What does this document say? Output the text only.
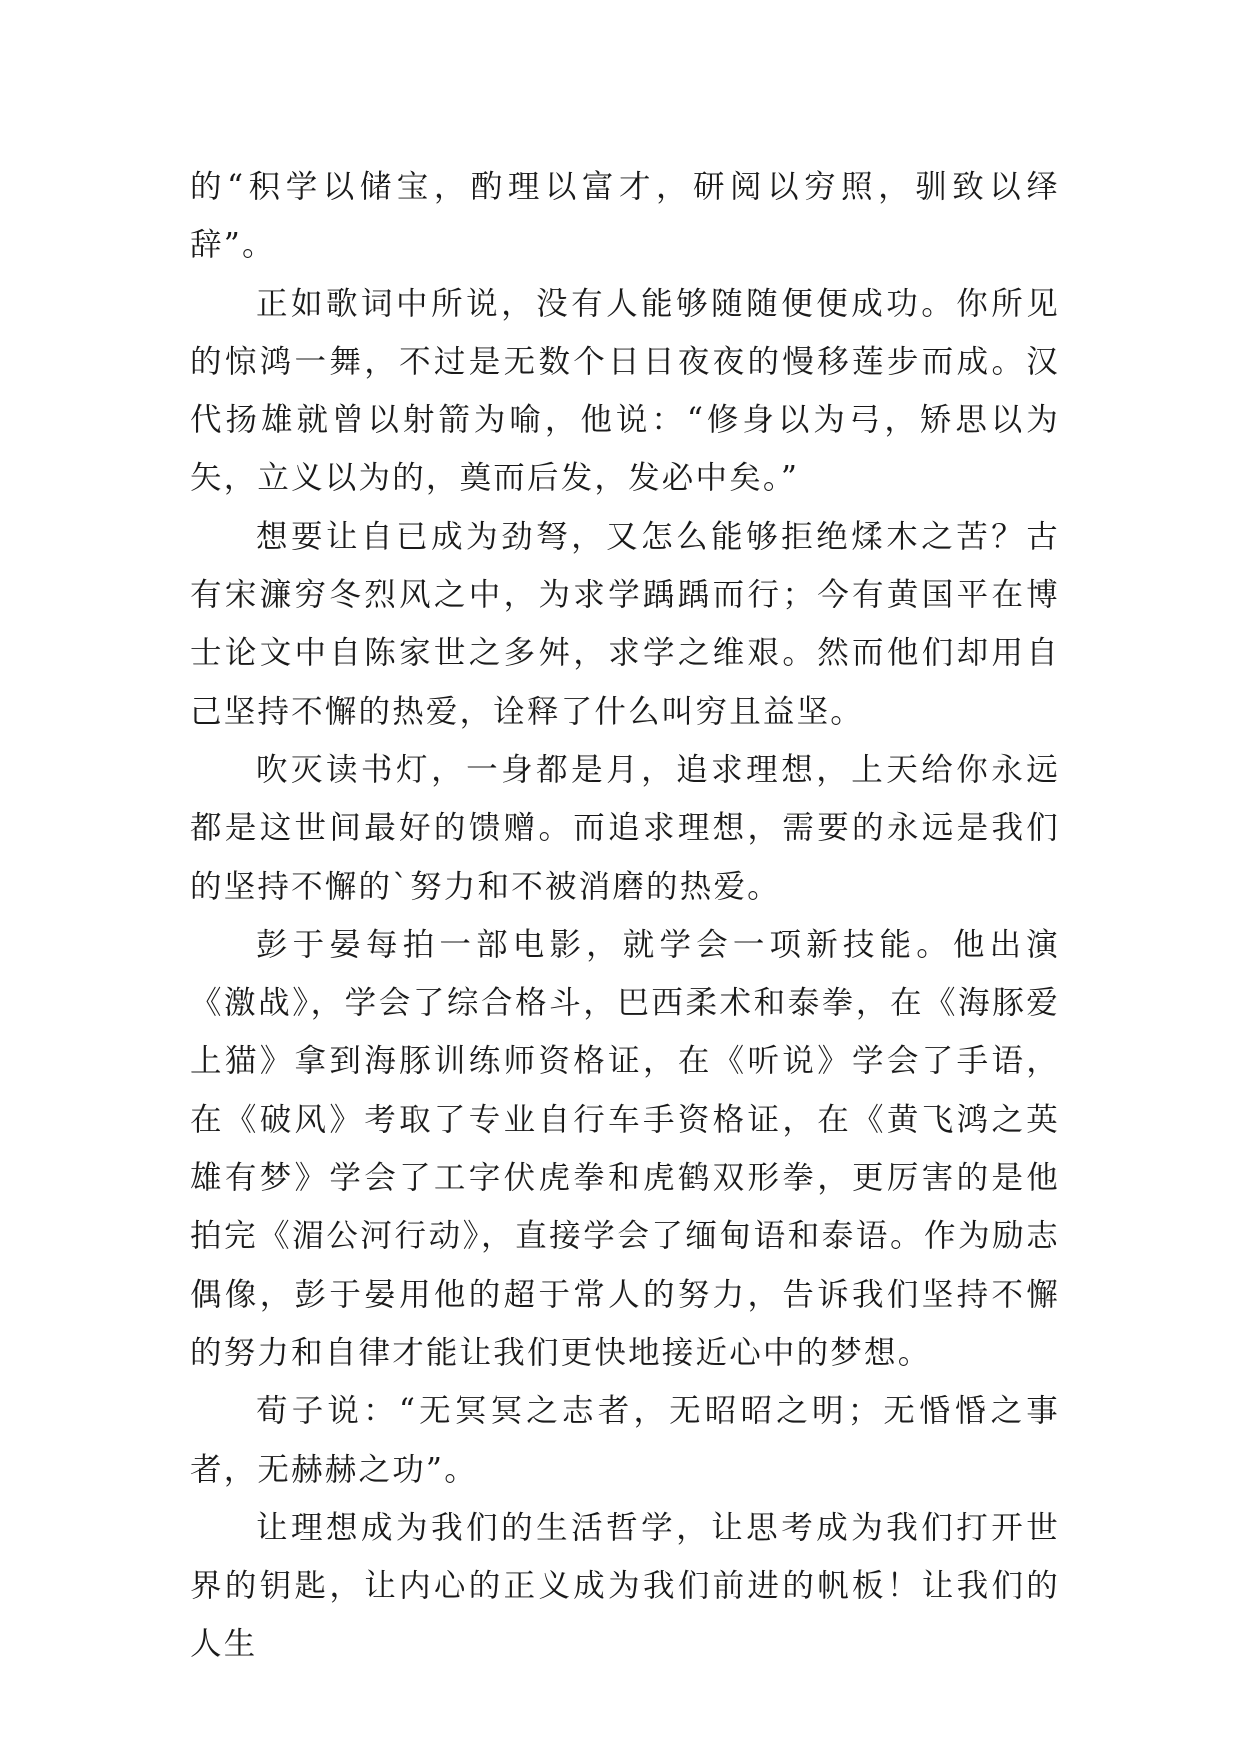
的“积学以储宝，酌理以富才，研阅以穷照，驯致以绎辞”。

正如歌词中所说，没有人能够随随便便成功。你所见的惊鸿一舞，不过是无数个日日夜夜的慢移莲步而成。汉代扬雄就曾以射箭为喻，他说：“修身以为弓，矫思以为矢，立义以为的，奠而后发，发必中矣。”

想要让自已成为劲弩，又怎么能够拒绝煣木之苦？古有宋濂穷冬烈风之中，为求学踽踽而行；今有黄国平在博士论文中自陈家世之多舛，求学之维艰。然而他们却用自己坚持不懈的热爱，诠释了什么叫穷且益坚。

吹灭读书灯，一身都是月，追求理想，上天给你永远都是这世间最好的馈赠。而追求理想，需要的永远是我们的坚持不懈的`努力和不被消磨的热爱。

彭于晏每拍一部电影，就学会一项新技能。他出演《激战》，学会了综合格斗，巴西柔术和泰拳，在《海豚爱上猫》拿到海豚训练师资格证，在《听说》学会了手语，在《破风》考取了专业自行车手资格证，在《黄飞鸿之英雄有梦》学会了工字伏虎拳和虎鹤双形拳，更厉害的是他拍完《湄公河行动》，直接学会了缅甸语和泰语。作为励志偶像，彭于晏用他的超于常人的努力，告诉我们坚持不懈的努力和自律才能让我们更快地接近心中的梦想。

荀子说：“无冥冥之志者，无昭昭之明；无惛惛之事者，无赫赫之功”。

让理想成为我们的生活哲学，让思考成为我们打开世界的钥匙，让内心的正义成为我们前进的帆板！让我们的人生
